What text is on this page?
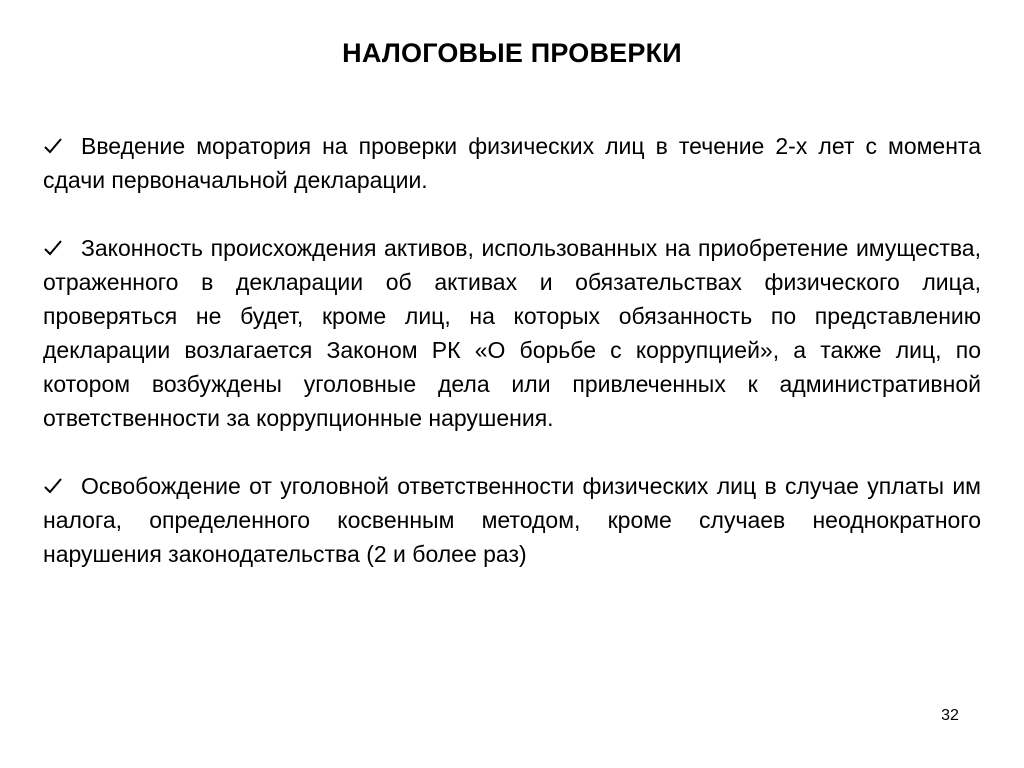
НАЛОГОВЫЕ ПРОВЕРКИ
Введение моратория на проверки физических лиц в течение 2-х лет с момента сдачи первоначальной декларации.
Законность происхождения активов, использованных на приобретение имущества, отраженного в декларации об активах и обязательствах физического лица, проверяться не будет, кроме лиц, на которых обязанность по представлению декларации возлагается Законом РК «О борьбе с коррупцией», а также лиц, по котором возбуждены уголовные дела или привлеченных к административной ответственности за коррупционные нарушения.
Освобождение от уголовной ответственности физических лиц в случае уплаты им налога, определенного косвенным методом, кроме случаев неоднократного нарушения законодательства (2 и более раз)
32
